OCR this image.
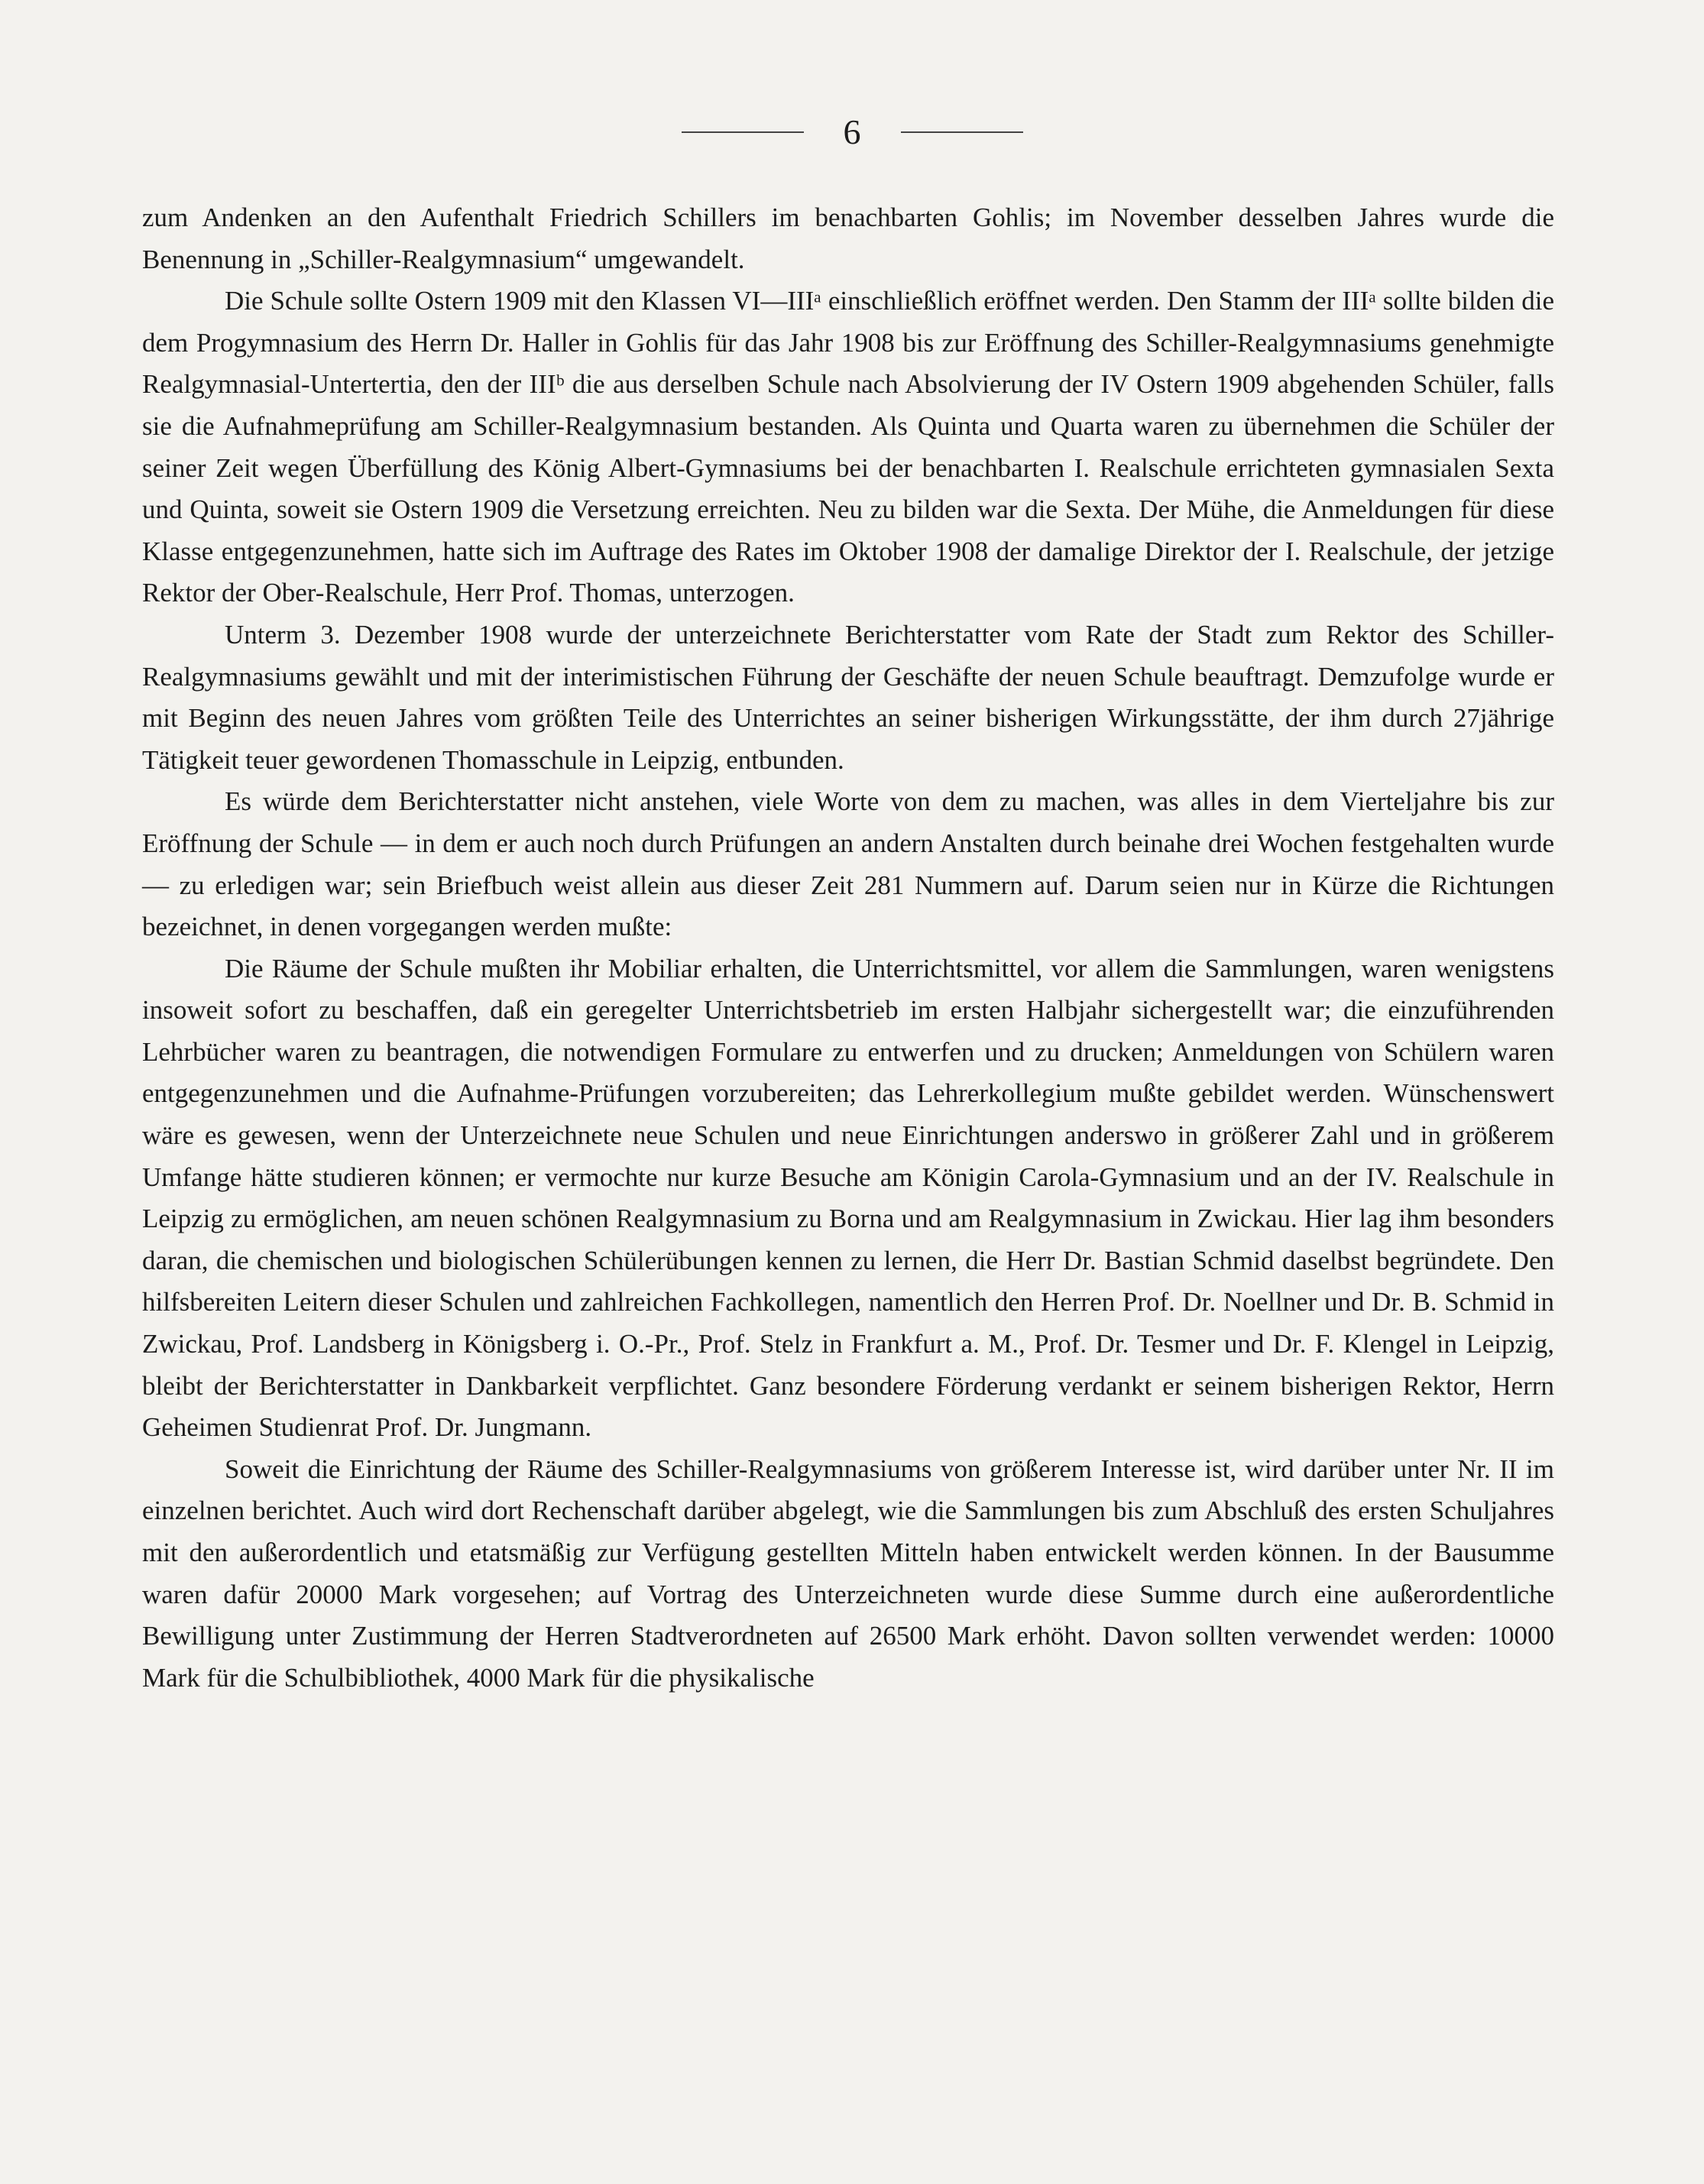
6

zum Andenken an den Aufenthalt Friedrich Schillers im benachbarten Gohlis; im November desselben Jahres wurde die Benennung in „Schiller-Realgymnasium“ umgewandelt.

Die Schule sollte Ostern 1909 mit den Klassen VI—IIIᵃ einschließlich eröffnet werden. Den Stamm der IIIᵃ sollte bilden die dem Progymnasium des Herrn Dr. Haller in Gohlis für das Jahr 1908 bis zur Eröffnung des Schiller-Realgymnasiums genehmigte Realgymnasial-Untertertia, den der IIIᵇ die aus derselben Schule nach Absolvierung der IV Ostern 1909 abgehenden Schüler, falls sie die Aufnahmeprüfung am Schiller-Realgymnasium bestanden. Als Quinta und Quarta waren zu übernehmen die Schüler der seiner Zeit wegen Überfüllung des König Albert-Gymnasiums bei der benachbarten I. Realschule errichteten gymnasialen Sexta und Quinta, soweit sie Ostern 1909 die Versetzung erreichten. Neu zu bilden war die Sexta. Der Mühe, die Anmeldungen für diese Klasse entgegenzunehmen, hatte sich im Auftrage des Rates im Oktober 1908 der damalige Direktor der I. Realschule, der jetzige Rektor der Ober-Realschule, Herr Prof. Thomas, unterzogen.

Unterm 3. Dezember 1908 wurde der unterzeichnete Berichterstatter vom Rate der Stadt zum Rektor des Schiller-Realgymnasiums gewählt und mit der interimistischen Führung der Geschäfte der neuen Schule beauftragt. Demzufolge wurde er mit Beginn des neuen Jahres vom größten Teile des Unterrichtes an seiner bisherigen Wirkungsstätte, der ihm durch 27jährige Tätigkeit teuer gewordenen Thomasschule in Leipzig, entbunden.

Es würde dem Berichterstatter nicht anstehen, viele Worte von dem zu machen, was alles in dem Vierteljahre bis zur Eröffnung der Schule — in dem er auch noch durch Prüfungen an andern Anstalten durch beinahe drei Wochen festgehalten wurde — zu erledigen war; sein Briefbuch weist allein aus dieser Zeit 281 Nummern auf. Darum seien nur in Kürze die Richtungen bezeichnet, in denen vorgegangen werden mußte:

Die Räume der Schule mußten ihr Mobiliar erhalten, die Unterrichtsmittel, vor allem die Sammlungen, waren wenigstens insoweit sofort zu beschaffen, daß ein geregelter Unterrichtsbetrieb im ersten Halbjahr sichergestellt war; die einzuführenden Lehrbücher waren zu beantragen, die notwendigen Formulare zu entwerfen und zu drucken; Anmeldungen von Schülern waren entgegenzunehmen und die Aufnahme-Prüfungen vorzubereiten; das Lehrerkollegium mußte gebildet werden. Wünschenswert wäre es gewesen, wenn der Unterzeichnete neue Schulen und neue Einrichtungen anderswo in größerer Zahl und in größerem Umfange hätte studieren können; er vermochte nur kurze Besuche am Königin Carola-Gymnasium und an der IV. Realschule in Leipzig zu ermöglichen, am neuen schönen Realgymnasium zu Borna und am Realgymnasium in Zwickau. Hier lag ihm besonders daran, die chemischen und biologischen Schülerübungen kennen zu lernen, die Herr Dr. Bastian Schmid daselbst begründete. Den hilfsbereiten Leitern dieser Schulen und zahlreichen Fachkollegen, namentlich den Herren Prof. Dr. Noellner und Dr. B. Schmid in Zwickau, Prof. Landsberg in Königsberg i. O.-Pr., Prof. Stelz in Frankfurt a. M., Prof. Dr. Tesmer und Dr. F. Klengel in Leipzig, bleibt der Berichterstatter in Dankbarkeit verpflichtet. Ganz besondere Förderung verdankt er seinem bisherigen Rektor, Herrn Geheimen Studienrat Prof. Dr. Jungmann.

Soweit die Einrichtung der Räume des Schiller-Realgymnasiums von größerem Interesse ist, wird darüber unter Nr. II im einzelnen berichtet. Auch wird dort Rechenschaft darüber abgelegt, wie die Sammlungen bis zum Abschluß des ersten Schuljahres mit den außerordentlich und etatsmäßig zur Verfügung gestellten Mitteln haben entwickelt werden können. In der Bausumme waren dafür 20000 Mark vorgesehen; auf Vortrag des Unterzeichneten wurde diese Summe durch eine außerordentliche Bewilligung unter Zustimmung der Herren Stadtverordneten auf 26500 Mark erhöht. Davon sollten verwendet werden: 10000 Mark für die Schulbibliothek, 4000 Mark für die physikalische
